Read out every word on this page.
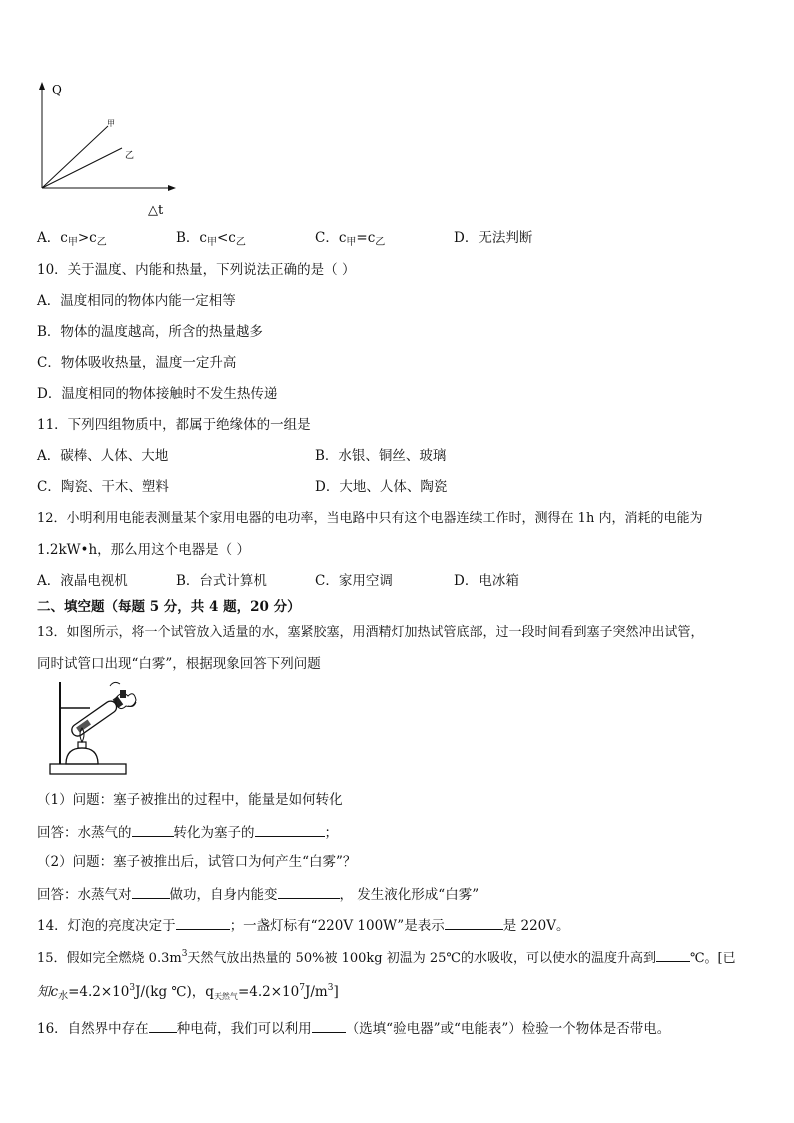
Q
△t
甲
乙
A．$c_甲>c_乙$	B．$c_甲<c_乙$	C．$c_甲=c_乙$	D．无法判断
10．关于温度、内能和热量，下列说法正确的是（ ）
A．温度相同的物体内能一定相等
B．物体的温度越高，所含的热量越多
C．物体吸收热量，温度一定升高
D．温度相同的物体接触时不发生热传递
11．下列四组物质中，都属于绝缘体的一组是
A．碳棒、人体、大地	B．水银、铜丝、玻璃
C．陶瓷、干木、塑料	D．大地、人体、陶瓷
12．小明利用电能表测量某个家用电器的电功率，当电路中只有这个电器连续工作时，测得在 1h 内，消耗的电能为
1.2kW•h，那么用这个电器是（ ）
A．液晶电视机	B．台式计算机	C．家用空调	D．电冰箱
二、填空题（每题 5 分，共 4 题，20 分）
13．如图所示，将一个试管放入适量的水，塞紧胶塞，用酒精灯加热试管底部，过一段时间看到塞子突然冲出试管，
同时试管口出现“白雾”，根据现象回答下列问题
（1）问题：塞子被推出的过程中，能量是如何转化
回答：水蒸气的	转化为塞子的	；
（2）问题：塞子被推出后，试管口为何产生“白雾”？
回答：水蒸气对	做功，自身内能变	， 发生液化形成“白雾”
14．灯泡的亮度决定于	；一盏灯标有“220V 100W”是表示	是 220V。
15．假如完全燃烧 $0.3m^3$天然气放出热量的 50%被 100kg 初温为 25℃的水吸收，可以使水的温度升高到	℃。[已
知$c_水=4.2\times 10^3J/(kg$ ℃)，$q_{天然气}=4.2\times 10^7J/m^3$]
16．自然界中存在 种电荷，我们可以利用	（选填“验电器”或“电能表”）检验一个物体是否带电。
